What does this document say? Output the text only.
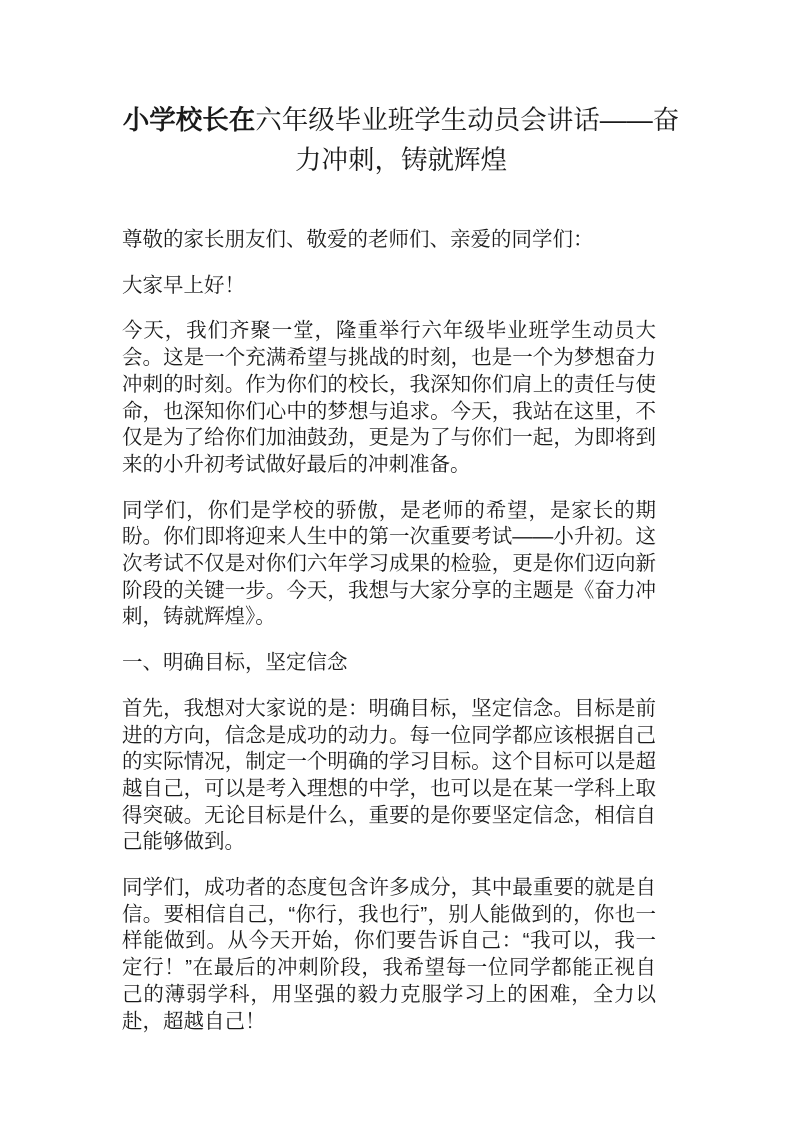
小学校长在六年级毕业班学生动员会讲话——奋力冲刺，铸就辉煌

尊敬的家长朋友们、敬爱的老师们、亲爱的同学们：

大家早上好！

今天，我们齐聚一堂，隆重举行六年级毕业班学生动员大会。这是一个充满希望与挑战的时刻，也是一个为梦想奋力冲刺的时刻。作为你们的校长，我深知你们肩上的责任与使命，也深知你们心中的梦想与追求。今天，我站在这里，不仅是为了给你们加油鼓劲，更是为了与你们一起，为即将到来的小升初考试做好最后的冲刺准备。

同学们，你们是学校的骄傲，是老师的希望，是家长的期盼。你们即将迎来人生中的第一次重要考试——小升初。这次考试不仅是对你们六年学习成果的检验，更是你们迈向新阶段的关键一步。今天，我想与大家分享的主题是《奋力冲刺，铸就辉煌》。

一、明确目标，坚定信念

首先，我想对大家说的是：明确目标，坚定信念。目标是前进的方向，信念是成功的动力。每一位同学都应该根据自己的实际情况，制定一个明确的学习目标。这个目标可以是超越自己，可以是考入理想的中学，也可以是在某一学科上取得突破。无论目标是什么，重要的是你要坚定信念，相信自己能够做到。

同学们，成功者的态度包含许多成分，其中最重要的就是自信。要相信自己，“你行，我也行”，别人能做到的，你也一样能做到。从今天开始，你们要告诉自己：“我可以，我一定行！”在最后的冲刺阶段，我希望每一位同学都能正视自己的薄弱学科，用坚强的毅力克服学习上的困难，全力以赴，超越自己！
